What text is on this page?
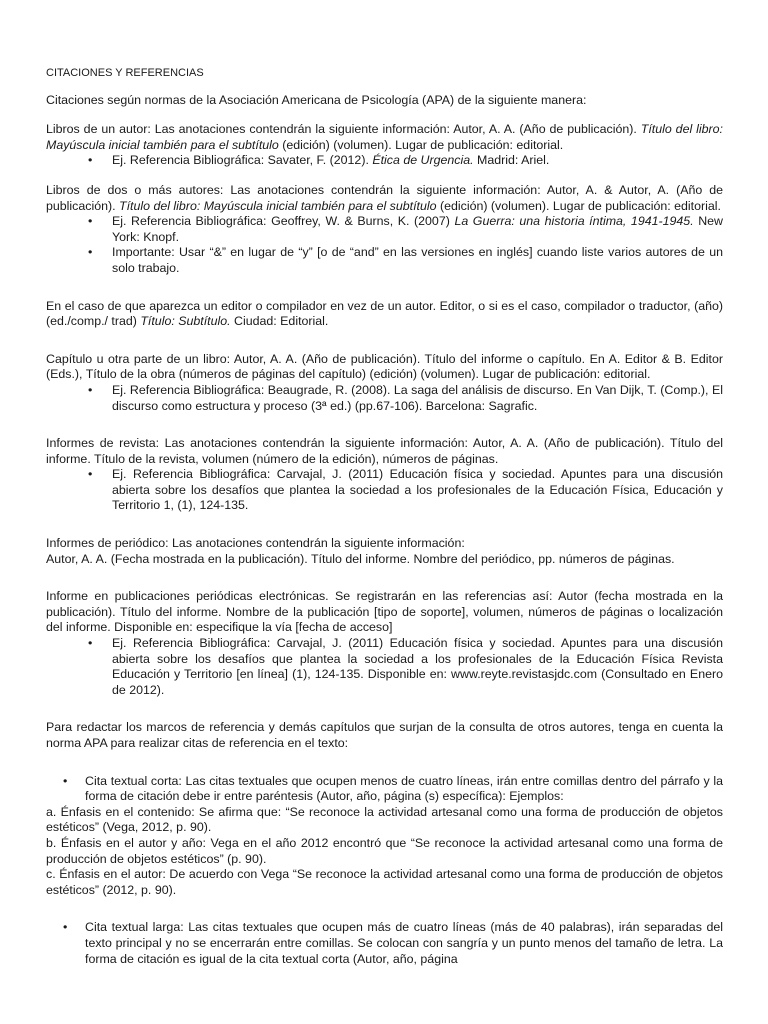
CITACIONES Y REFERENCIAS

Citaciones según normas de la Asociación Americana de Psicología (APA) de la siguiente manera:

Libros de un autor: Las anotaciones contendrán la siguiente información: Autor, A. A. (Año de publicación). Título del libro: Mayúscula inicial también para el subtítulo (edición) (volumen). Lugar de publicación: editorial.

• Ej. Referencia Bibliográfica: Savater, F. (2012). Ética de Urgencia. Madrid: Ariel.

Libros de dos o más autores: Las anotaciones contendrán la siguiente información: Autor, A. & Autor, A. (Año de publicación). Título del libro: Mayúscula inicial también para el subtítulo (edición) (volumen). Lugar de publicación: editorial.

• Ej. Referencia Bibliográfica: Geoffrey, W. & Burns, K. (2007) La Guerra: una historia íntima, 1941-1945. New York: Knopf.
• Importante: Usar “&” en lugar de “y” [o de “and” en las versiones en inglés] cuando liste varios autores de un solo trabajo.

En el caso de que aparezca un editor o compilador en vez de un autor. Editor, o si es el caso, compilador o traductor, (año) (ed./comp./ trad) Título: Subtítulo. Ciudad: Editorial.

Capítulo u otra parte de un libro: Autor, A. A. (Año de publicación). Título del informe o capítulo. En A. Editor & B. Editor (Eds.), Título de la obra (números de páginas del capítulo) (edición) (volumen). Lugar de publicación: editorial.

• Ej. Referencia Bibliográfica: Beaugrade, R. (2008). La saga del análisis de discurso. En Van Dijk, T. (Comp.), El discurso como estructura y proceso (3ª ed.) (pp.67-106). Barcelona: Sagrafic.

Informes de revista: Las anotaciones contendrán la siguiente información: Autor, A. A. (Año de publicación). Título del informe. Título de la revista, volumen (número de la edición), números de páginas.

• Ej. Referencia Bibliográfica: Carvajal, J. (2011) Educación física y sociedad. Apuntes para una discusión abierta sobre los desafíos que plantea la sociedad a los profesionales de la Educación Física, Educación y Territorio 1, (1), 124-135.

Informes de periódico: Las anotaciones contendrán la siguiente información:

Autor, A. A. (Fecha mostrada en la publicación). Título del informe. Nombre del periódico, pp. números de páginas.

Informe en publicaciones periódicas electrónicas. Se registrarán en las referencias así: Autor (fecha mostrada en la publicación). Título del informe. Nombre de la publicación [tipo de soporte], volumen, números de páginas o localización del informe. Disponible en: especifique la vía [fecha de acceso]

• Ej. Referencia Bibliográfica: Carvajal, J. (2011) Educación física y sociedad. Apuntes para una discusión abierta sobre los desafíos que plantea la sociedad a los profesionales de la Educación Física Revista Educación y Territorio [en línea] (1), 124-135. Disponible en: www.reyte.revistasjdc.com (Consultado en Enero de 2012).

Para redactar los marcos de referencia y demás capítulos que surjan de la consulta de otros autores, tenga en cuenta la norma APA para realizar citas de referencia en el texto:

• Cita textual corta: Las citas textuales que ocupen menos de cuatro líneas, irán entre comillas dentro del párrafo y la forma de citación debe ir entre paréntesis (Autor, año, página (s) específica): Ejemplos:

a. Énfasis en el contenido: Se afirma que: “Se reconoce la actividad artesanal como una forma de producción de objetos estéticos” (Vega, 2012, p. 90).

b. Énfasis en el autor y año: Vega en el año 2012 encontró que “Se reconoce la actividad artesanal como una forma de producción de objetos estéticos” (p. 90).

c. Énfasis en el autor: De acuerdo con Vega “Se reconoce la actividad artesanal como una forma de producción de objetos estéticos” (2012, p. 90).

• Cita textual larga: Las citas textuales que ocupen más de cuatro líneas (más de 40 palabras), irán separadas del texto principal y no se encerrarán entre comillas. Se colocan con sangría y un punto menos del tamaño de letra. La forma de citación es igual de la cita textual corta (Autor, año, página
